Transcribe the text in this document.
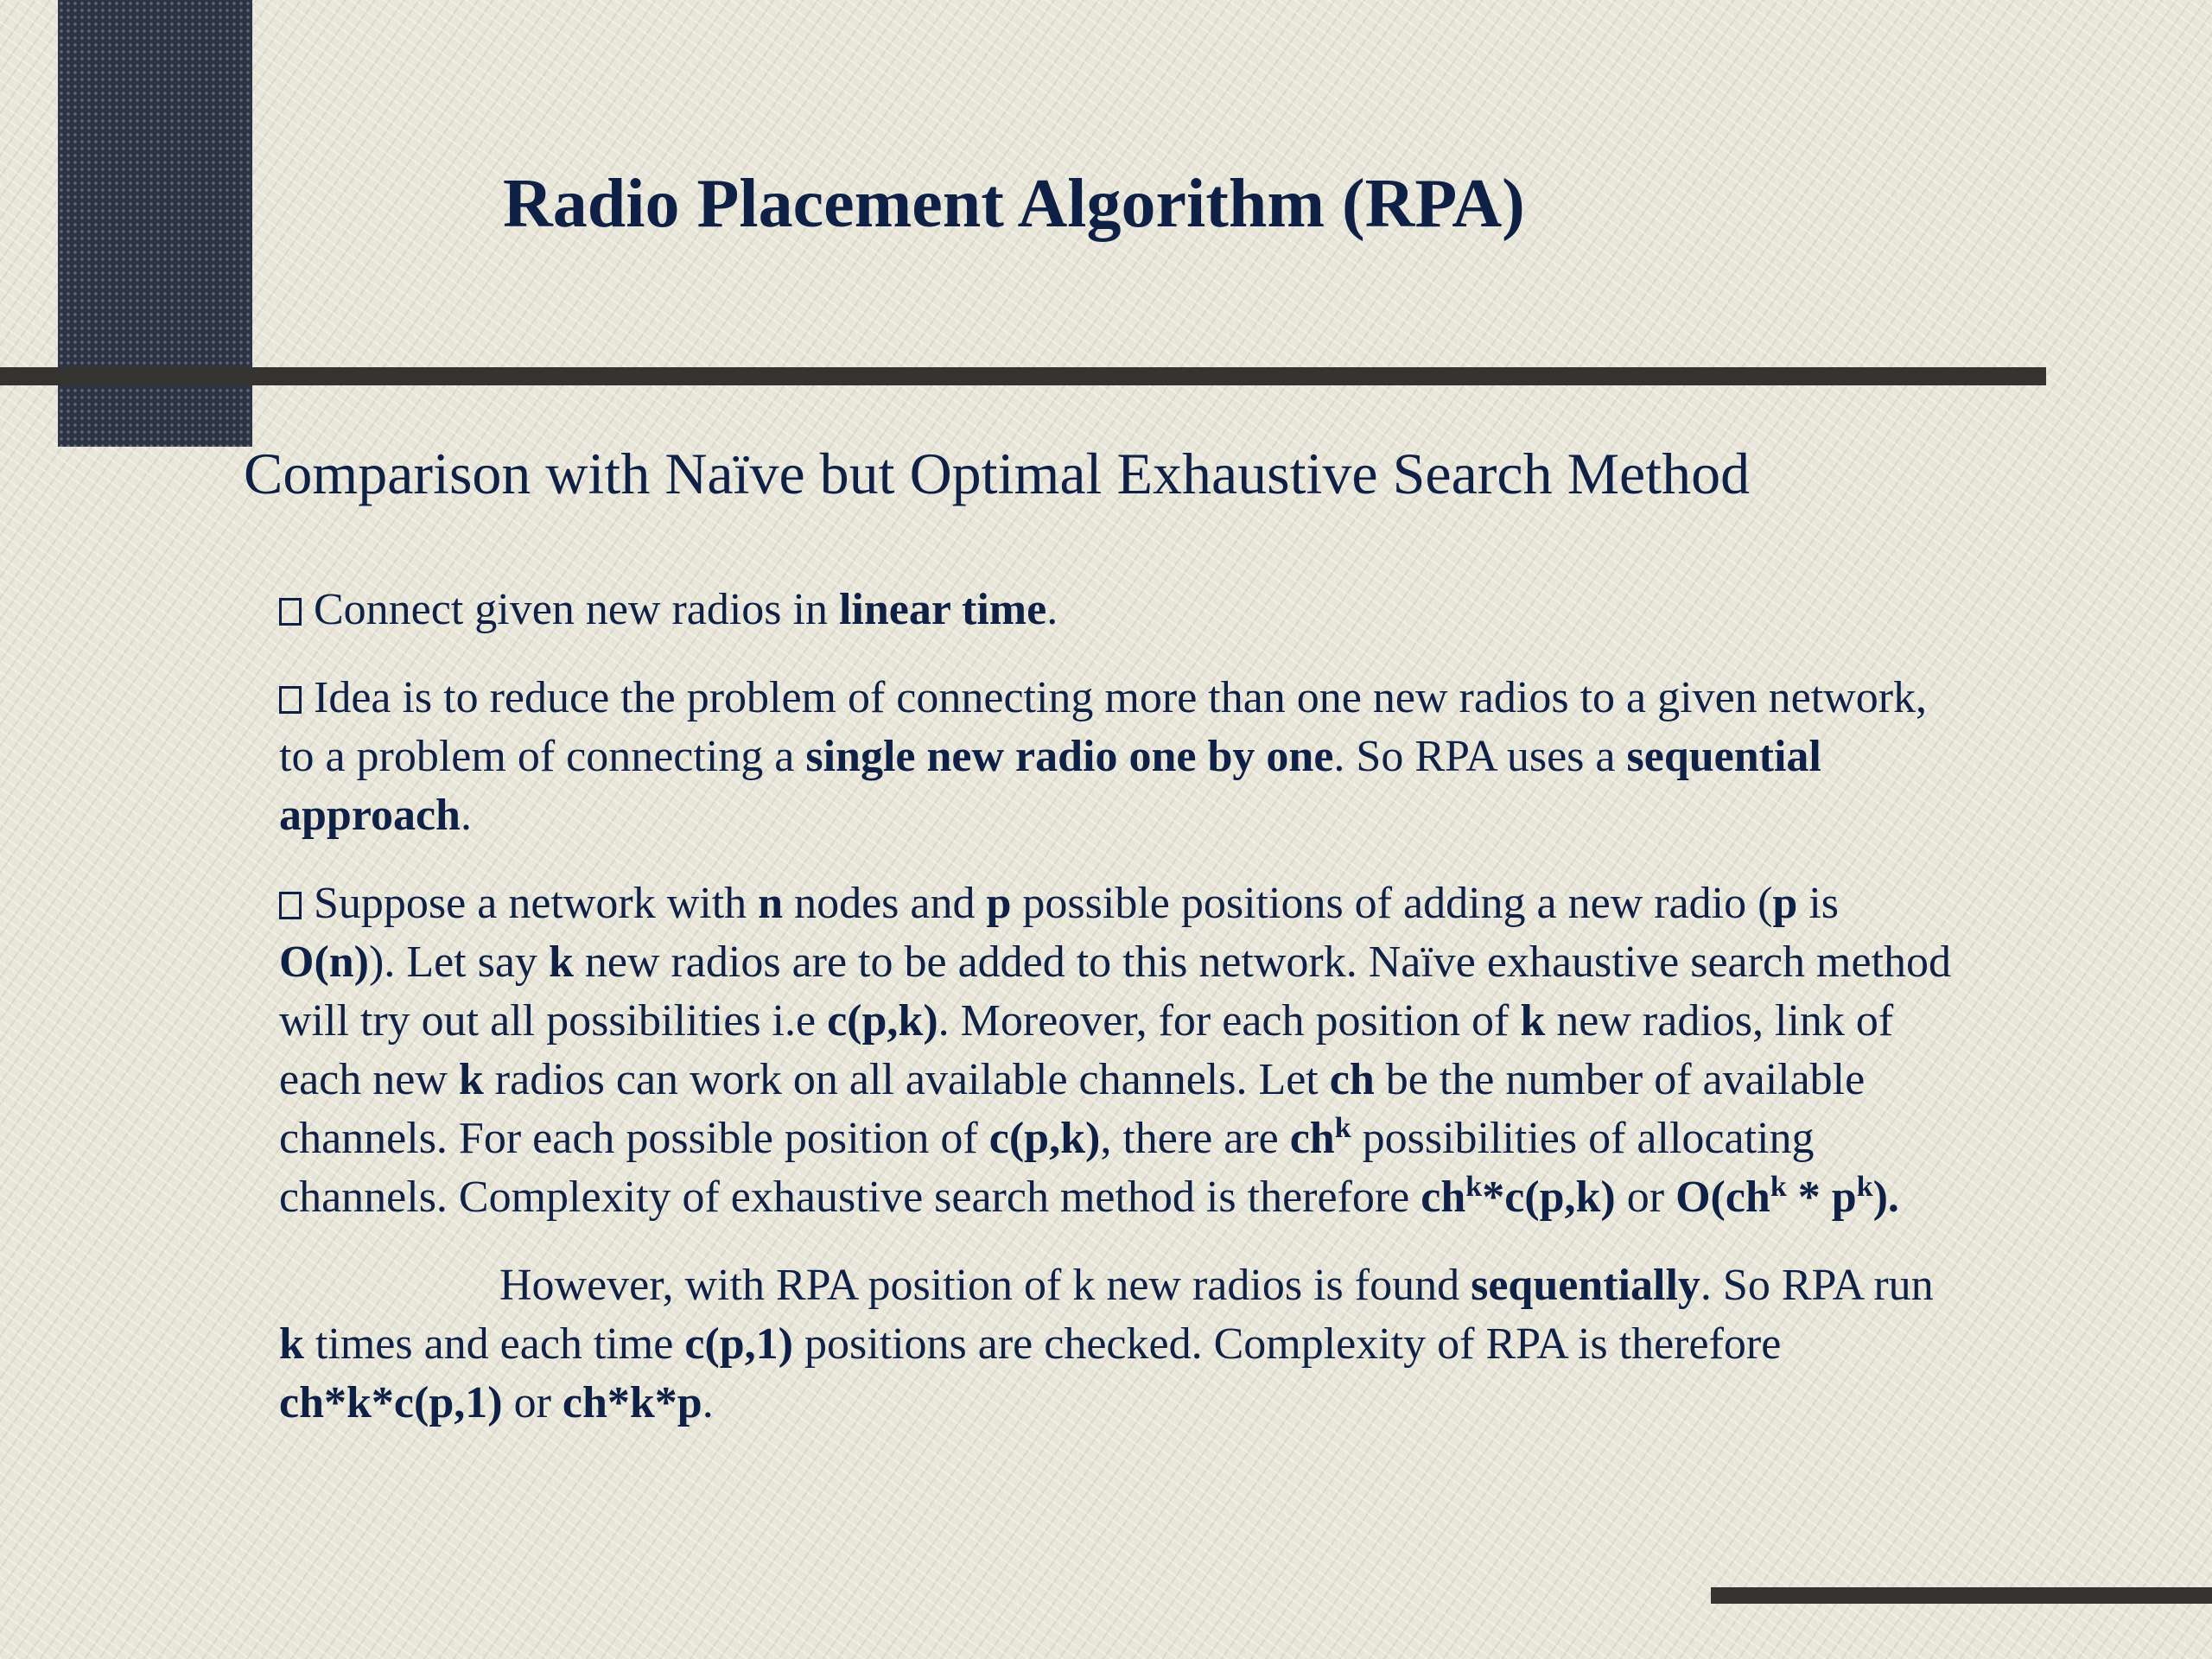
Radio Placement Algorithm (RPA)
Comparison with Naïve but Optimal Exhaustive Search Method

Connect given new radios in linear time.

Idea is to reduce the problem of connecting more than one new radios to a given network, to a problem of connecting a single new radio one by one. So RPA uses a sequential approach.

Suppose a network with n nodes and p possible positions of adding a new radio (p is O(n)). Let say k new radios are to be added to this network. Naïve exhaustive search method will try out all possibilities i.e c(p,k). Moreover, for each position of k new radios, link of each new k radios can work on all available channels. Let ch be the number of available channels. For each possible position of c(p,k), there are $ch^k$ possibilities of allocating channels. Complexity of exhaustive search method is therefore $ch^k*c(p,k)$ or $O(ch^k * p^k)$.

However, with RPA position of k new radios is found sequentially. So RPA run k times and each time c(p,1) positions are checked. Complexity of RPA is therefore ch*k*c(p,1) or ch*k*p.
